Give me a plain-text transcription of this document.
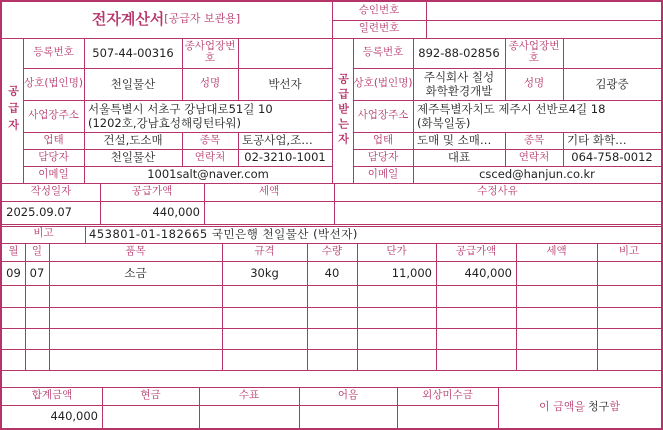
전자계산서 [공급자 보관용]
승인번호
일련번호
공급자
등록번호	507-44-00316	종사업장번호
상호(법인명)	천일물산	성명	박선자
사업장주소 서울특별시 서초구 강남대로51길 10
(1202호,강남효성해링턴타워)
업태	건설,도소매	종목	토공사업,조…
담당자	천일물산	연락처	02-3210-1001
이메일	1001salt@naver.com
공급받는자
등록번호	892-88-02856 종사업장번호
상호(법인명) 주식회사 칠성
화학환경개발
성명	김광중
사업장주소 제주특별자치도 제주시 선반로4길 18
(화북일동)
업태	도매 및 소매…	종목	기타 화학…
담당자	대표	연락처	064-758-0012
이메일	csced@hanjun.co.kr
작성일자	공급가액	세액	수정사유
2025.09.07	440,000
비고	453801-01-182665 국민은행 천일물산 (박선자)
월	일	품목	규격	수량	단가	공급가액	세액	비고
09 07	소금	30kg	40	11,000	440,000
합계금액	현금	수표	어음	외상미수금
440,000
이 금액을 청구 함
